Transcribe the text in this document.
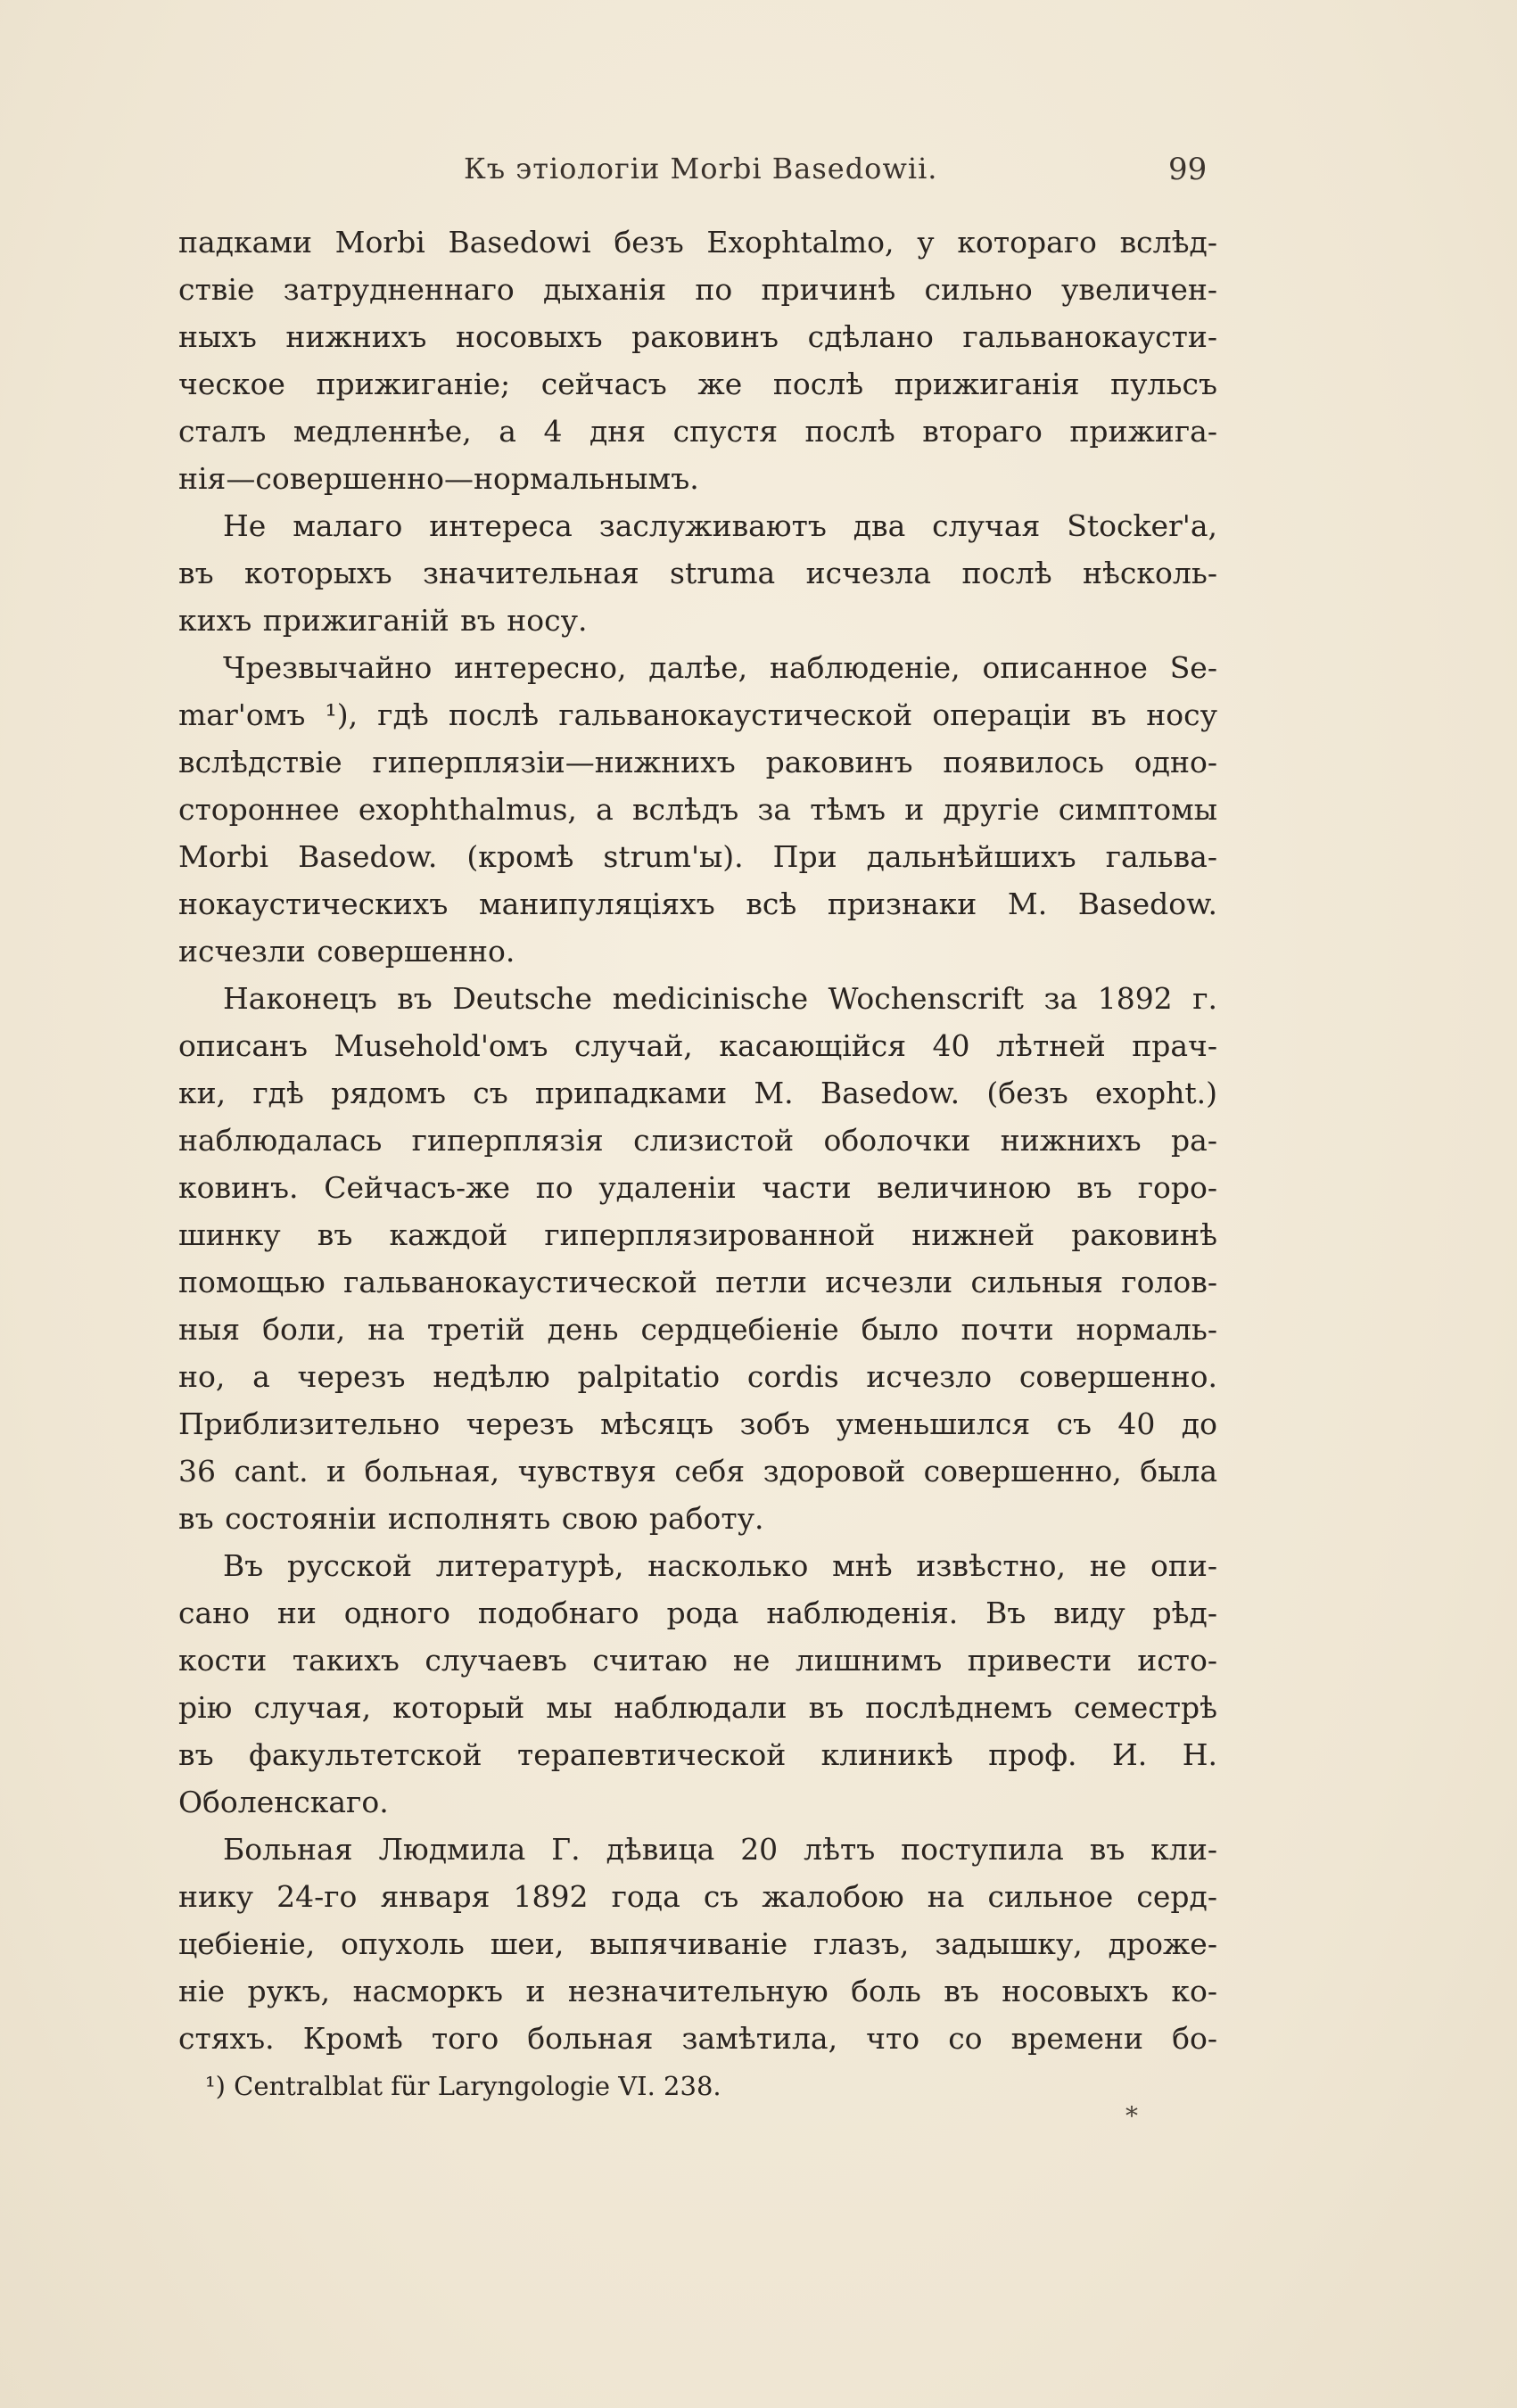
Къ этіологіи Morbi Basedowii.	99
падками Morbi Basedowi безъ Exophtalmo, у котораго вслѣд-
ствіе затрудненнаго дыханія по причинѣ сильно увеличен-
ныхъ нижнихъ носовыхъ раковинъ сдѣлано гальванокаусти-
ческое прижиганіе; сейчасъ же послѣ прижиганія пульсъ
сталъ медленнѣе, а 4 дня спустя послѣ втораго прижига-
нія—совершенно—нормальнымъ.
Не малаго интереса заслуживаютъ два случая Stocker'a,
въ которыхъ значительная struma исчезла послѣ нѣсколь-
кихъ прижиганій въ носу.
Чрезвычайно интересно, далѣе, наблюденіе, описанное Se-
mar'омъ ¹), гдѣ послѣ гальванокаустической операціи въ носу
вслѣдствіе гиперплязіи—нижнихъ раковинъ появилось одно-
стороннее exophthalmus, а вслѣдъ за тѣмъ и другіе симптомы
Morbi Basedow. (кромѣ strum'ы). При дальнѣйшихъ гальва-
нокаустическихъ манипуляціяхъ всѣ признаки M. Basedow.
исчезли совершенно.
Наконецъ въ Deutsche medicinische Wochenscrift за 1892 г.
описанъ Musehold'омъ случай, касающійся 40 лѣтней прач-
ки, гдѣ рядомъ съ припадками M. Basedow. (безъ exopht.)
наблюдалась гиперплязія слизистой оболочки нижнихъ ра-
ковинъ. Сейчасъ-же по удаленіи части величиною въ горо-
шинку въ каждой гиперплязированной нижней раковинѣ
помощью гальванокаустической петли исчезли сильныя голов-
ныя боли, на третій день сердцебіеніе было почти нормаль-
но, а черезъ недѣлю palpitatio cordis исчезло совершенно.
Приблизительно черезъ мѣсяцъ зобъ уменьшился съ 40 до
36 cant. и больная, чувствуя себя здоровой совершенно, была
въ состояніи исполнять свою работу.
Въ русской литературѣ, насколько мнѣ извѣстно, не опи-
сано ни одного подобнаго рода наблюденія. Въ виду рѣд-
кости такихъ случаевъ считаю не лишнимъ привести исто-
рію случая, который мы наблюдали въ послѣднемъ семестрѣ
въ факультетской терапевтической клиникѣ проф. И. Н.
Оболенскаго.
Больная Людмила Г. дѣвица 20 лѣтъ поступила въ кли-
нику 24-го января 1892 года съ жалобою на сильное серд-
цебіеніе, опухоль шеи, выпячиваніе глазъ, задышку, дрожe-
ніе рукъ, насморкъ и незначительную боль въ носовыхъ ко-
стяхъ. Кромѣ того больная замѣтила, что со времени бо-
¹) Centralblat für Laryngologie VI. 238.
*
